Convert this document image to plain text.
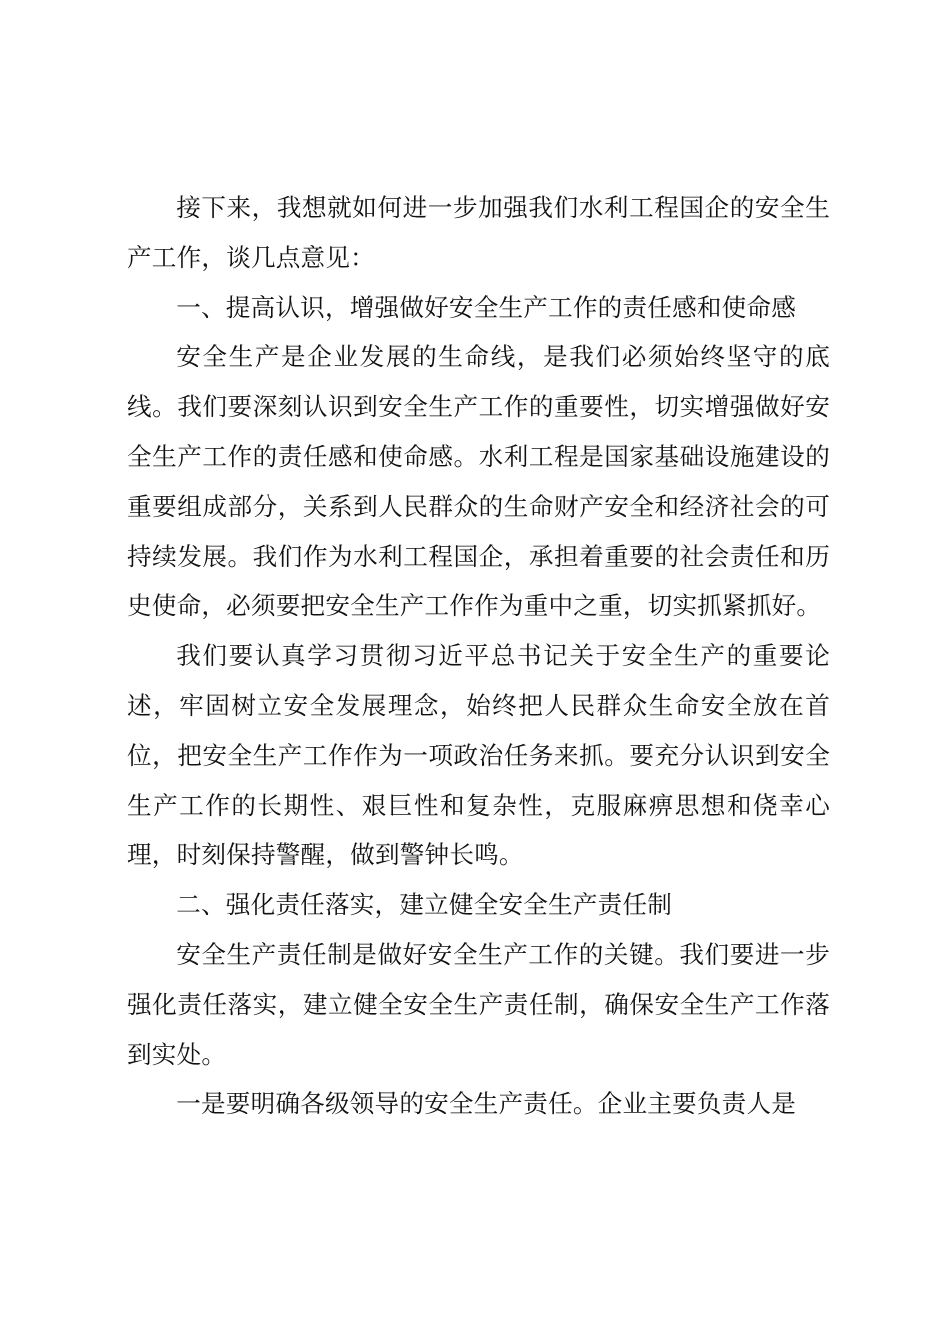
接下来，我想就如何进一步加强我们水利工程国企的安全生产工作，谈几点意见：

一、提高认识，增强做好安全生产工作的责任感和使命感

安全生产是企业发展的生命线，是我们必须始终坚守的底线。我们要深刻认识到安全生产工作的重要性，切实增强做好安全生产工作的责任感和使命感。水利工程是国家基础设施建设的重要组成部分，关系到人民群众的生命财产安全和经济社会的可持续发展。我们作为水利工程国企，承担着重要的社会责任和历史使命，必须要把安全生产工作作为重中之重，切实抓紧抓好。

我们要认真学习贯彻习近平总书记关于安全生产的重要论述，牢固树立安全发展理念，始终把人民群众生命安全放在首位，把安全生产工作作为一项政治任务来抓。要充分认识到安全生产工作的长期性、艰巨性和复杂性，克服麻痹思想和侥幸心理，时刻保持警醒，做到警钟长鸣。

二、强化责任落实，建立健全安全生产责任制

安全生产责任制是做好安全生产工作的关键。我们要进一步强化责任落实，建立健全安全生产责任制，确保安全生产工作落到实处。

一是要明确各级领导的安全生产责任。企业主要负责人是
